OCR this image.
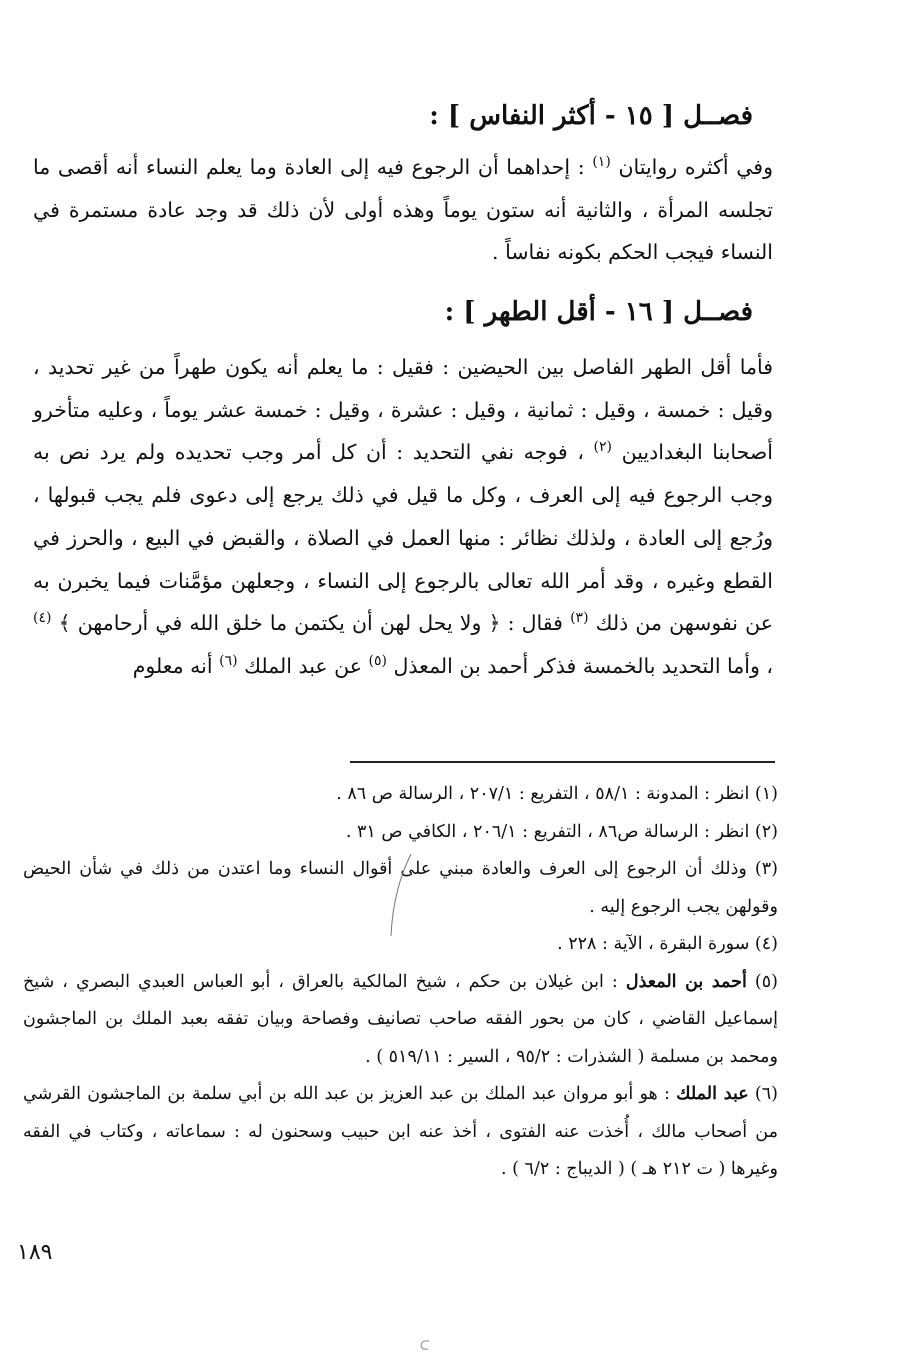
فصــل [ ١٥ - أكثر النفاس ] :
وفي أكثره روايتان $^{(١)}$ : إحداهما أن الرجوع فيه إلى العادة وما يعلم النساء أنه أقصى ما تجلسه المرأة ، والثانية أنه ستون يوماً وهذه أولى لأن ذلك قد وجد عادة مستمرة في النساء فيجب الحكم بكونه نفاساً .
فصــل [ ١٦ - أقل الطهر ] :
فأما أقل الطهر الفاصل بين الحيضين : فقيل : ما يعلم أنه يكون طهراً من غير تحديد ، وقيل : خمسة ، وقيل : ثمانية ، وقيل : عشرة ، وقيل : خمسة عشر يوماً ، وعليه متأخرو أصحابنا البغداديين $^{(٢)}$ ، فوجه نفي التحديد : أن كل أمر وجب تحديده ولم يرد نص به وجب الرجوع فيه إلى العرف ، وكل ما قيل في ذلك يرجع إلى دعوى فلم يجب قبولها ، ورُجع إلى العادة ، ولذلك نظائر : منها العمل في الصلاة ، والقبض في البيع ، والحرز في القطع وغيره ، وقد أمر الله تعالى بالرجوع إلى النساء ، وجعلهن مؤمَّنات فيما يخبرن به عن نفوسهن من ذلك $^{(٣)}$ فقال : ﴿ ولا يحل لهن أن يكتمن ما خلق الله في أرحامهن ﴾ $^{(٤)}$ ، وأما التحديد بالخمسة فذكر أحمد بن المعذل $^{(٥)}$ عن عبد الملك $^{(٦)}$ أنه معلوم

(١) انظر : المدونة : ٥٨/١ ، التفريع : ٢٠٧/١ ، الرسالة ص ٨٦ .

(٢) انظر : الرسالة ص٨٦ ، التفريع : ٢٠٦/١ ، الكافي ص ٣١ .

(٣) وذلك أن الرجوع إلى العرف والعادة مبني على أقوال النساء وما اعتدن من ذلك في شأن الحيض وقولهن يجب الرجوع إليه .

(٤) سورة البقرة ، الآية : ٢٢٨ .

(٥) أحمد بن المعذل : ابن غيلان بن حكم ، شيخ المالكية بالعراق ، أبو العباس العبدي البصري ، شيخ إسماعيل القاضي ، كان من بحور الفقه صاحب تصانيف وفصاحة وبيان تفقه بعبد الملك بن الماجشون ومحمد بن مسلمة ( الشذرات : ٩٥/٢ ، السير : ٥١٩/١١ ) .

(٦) عبد الملك : هو أبو مروان عبد الملك بن عبد العزيز بن عبد الله بن أبي سلمة بن الماجشون القرشي من أصحاب مالك ، أُخذت عنه الفتوى ، أخذ عنه ابن حبيب وسحنون له : سماعاته ، وكتاب في الفقه وغيرها ( ت ٢١٢ هـ ) ( الديباج : ٦/٢ ) .

١٨٩
